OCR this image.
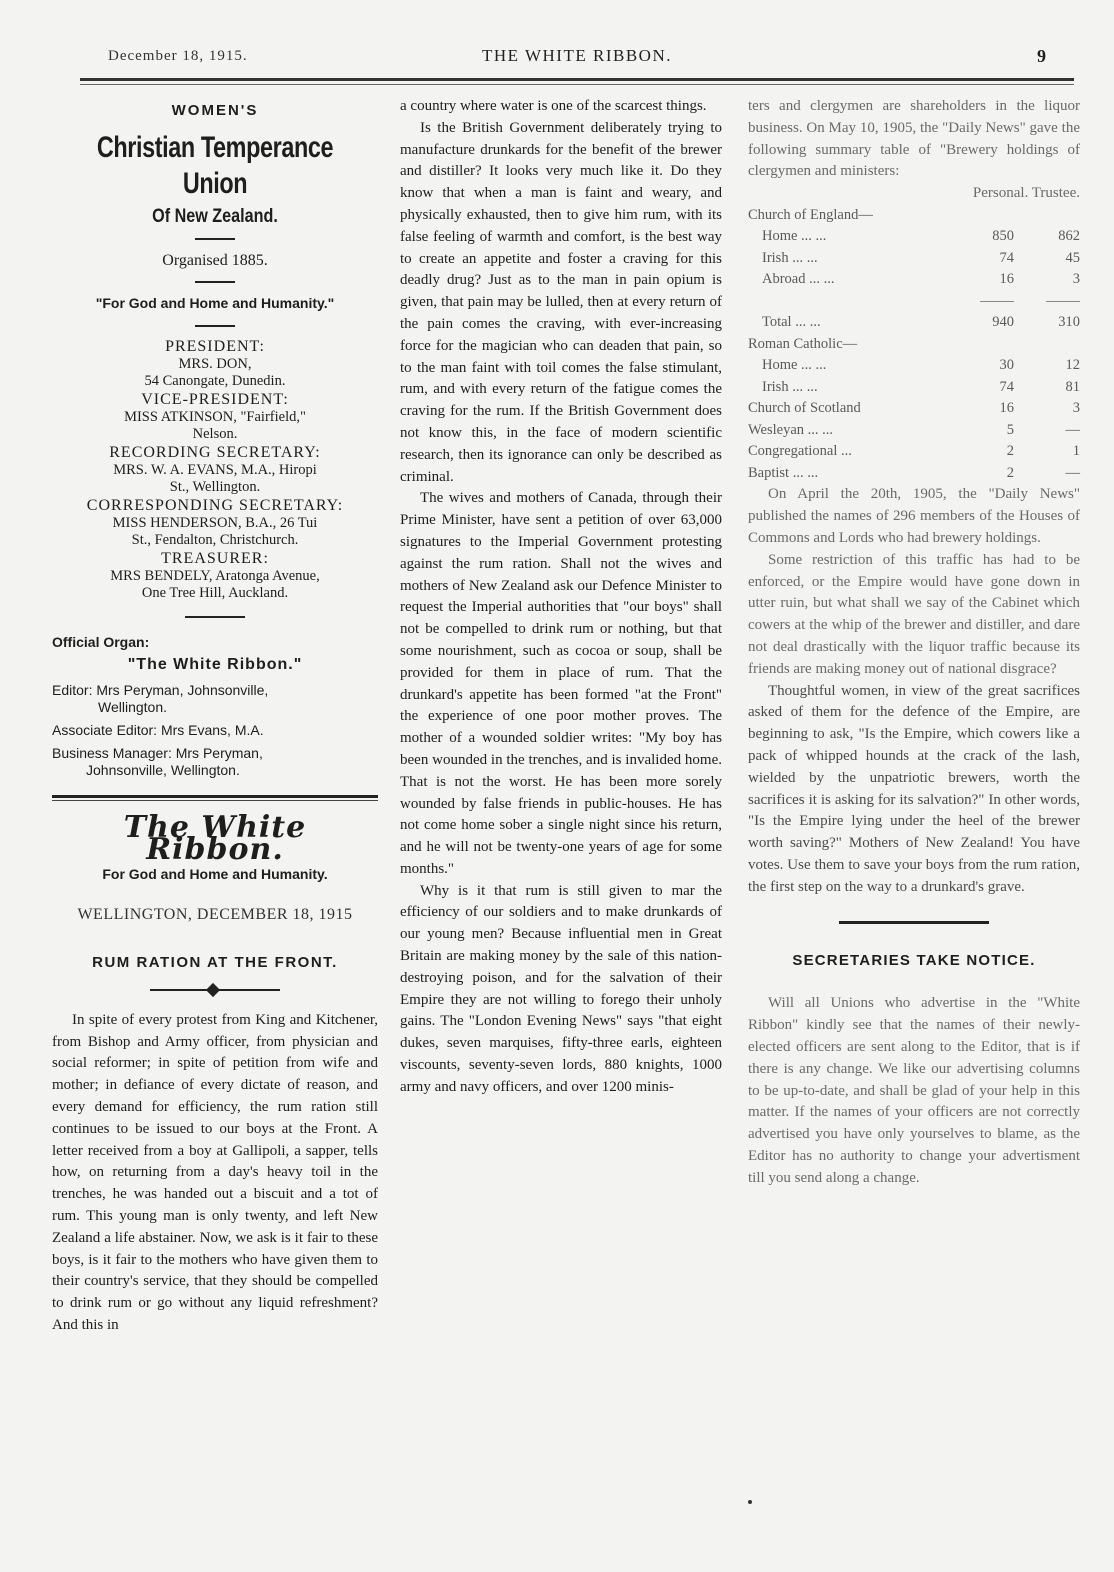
December 18, 1915.	THE WHITE RIBBON.	9
WOMEN'S
Christian Temperance Union
Of New Zealand.
Organised 1885.
"For God and Home and Humanity."
PRESIDENT:
MRS. DON,
54 Canongate, Dunedin.
VICE-PRESIDENT:
MISS ATKINSON, "Fairfield,"
Nelson.
RECORDING SECRETARY:
MRS. W. A. EVANS, M.A., Hiropi
St., Wellington.
CORRESPONDING SECRETARY:
MISS HENDERSON, B.A., 26 Tui
St., Fendalton, Christchurch.
TREASURER:
MRS BENDELY, Aratonga Avenue,
One Tree Hill, Auckland.
Official Organ:
"The White Ribbon."
Editor: Mrs Peryman, Johnsonville,
Wellington.
Associate Editor: Mrs Evans, M.A.
Business Manager: Mrs Peryman,
Johnsonville, Wellington.
The White Ribbon.
For God and Home and Humanity.
WELLINGTON, DECEMBER 18, 1915
RUM RATION AT THE FRONT.

In spite of every protest from King and Kitchener, from Bishop and Army officer, from physician and social reformer; in spite of petition from wife and mother; in defiance of every dictate of reason, and every demand for efficiency, the rum ration still continues to be issued to our boys at the Front. A letter received from a boy at Gallipoli, a sapper, tells how, on returning from a day's heavy toil in the trenches, he was handed out a biscuit and a tot of rum. This young man is only twenty, and left New Zealand a life abstainer. Now, we ask is it fair to these boys, is it fair to the mothers who have given them to their country's service, that they should be compelled to drink rum or go without any liquid refreshment? And this in

a country where water is one of the scarcest things.

Is the British Government deliberately trying to manufacture drunkards for the benefit of the brewer and distiller? It looks very much like it. Do they know that when a man is faint and weary, and physically exhausted, then to give him rum, with its false feeling of warmth and comfort, is the best way to create an appetite and foster a craving for this deadly drug? Just as to the man in pain opium is given, that pain may be lulled, then at every return of the pain comes the craving, with ever-increasing force for the magician who can deaden that pain, so to the man faint with toil comes the false stimulant, rum, and with every return of the fatigue comes the craving for the rum. If the British Government does not know this, in the face of modern scientific research, then its ignorance can only be described as criminal.

The wives and mothers of Canada, through their Prime Minister, have sent a petition of over 63,000 signatures to the Imperial Government protesting against the rum ration. Shall not the wives and mothers of New Zealand ask our Defence Minister to request the Imperial authorities that "our boys" shall not be compelled to drink rum or nothing, but that some nourishment, such as cocoa or soup, shall be provided for them in place of rum. That the drunkard's appetite has been formed "at the Front" the experience of one poor mother proves. The mother of a wounded soldier writes: "My boy has been wounded in the trenches, and is invalided home. That is not the worst. He has been more sorely wounded by false friends in public-houses. He has not come home sober a single night since his return, and he will not be twenty-one years of age for some months."

Why is it that rum is still given to mar the efficiency of our soldiers and to make drunkards of our young men? Because influential men in Great Britain are making money by the sale of this nation-destroying poison, and for the salvation of their Empire they are not willing to forego their unholy gains. The "London Evening News" says "that eight dukes, seven marquises, fifty-three earls, eighteen viscounts, seventy-seven lords, 880 knights, 1000 army and navy officers, and over 1200 minis-

ters and clergymen are shareholders in the liquor business. On May 10, 1905, the "Daily News" gave the following summary table of "Brewery holdings of clergymen and ministers:

Personal. Trustee.
Church of England—		
Home ... ...	850	862
Irish ... ...	74	45
Abroad ... ...	16	3

Total ... ...	940	310
Roman Catholic—		
Home ... ...	30	12
Irish ... ...	74	81
Church of Scotland	16	3
Wesleyan ... ...	5	—
Congregational ...	2	1
Baptist ... ...	2	—

On April the 20th, 1905, the "Daily News" published the names of 296 members of the Houses of Commons and Lords who had brewery holdings.

Some restriction of this traffic has had to be enforced, or the Empire would have gone down in utter ruin, but what shall we say of the Cabinet which cowers at the whip of the brewer and distiller, and dare not deal drastically with the liquor traffic because its friends are making money out of national disgrace?

Thoughtful women, in view of the great sacrifices asked of them for the defence of the Empire, are beginning to ask, "Is the Empire, which cowers like a pack of whipped hounds at the crack of the lash, wielded by the unpatriotic brewers, worth the sacrifices it is asking for its salvation?" In other words, "Is the Empire lying under the heel of the brewer worth saving?" Mothers of New Zealand! You have votes. Use them to save your boys from the rum ration, the first step on the way to a drunkard's grave.

SECRETARIES TAKE NOTICE.

Will all Unions who advertise in the "White Ribbon" kindly see that the names of their newly-elected officers are sent along to the Editor, that is if there is any change. We like our advertising columns to be up-to-date, and shall be glad of your help in this matter. If the names of your officers are not correctly advertised you have only yourselves to blame, as the Editor has no authority to change your advertisment till you send along a change.
